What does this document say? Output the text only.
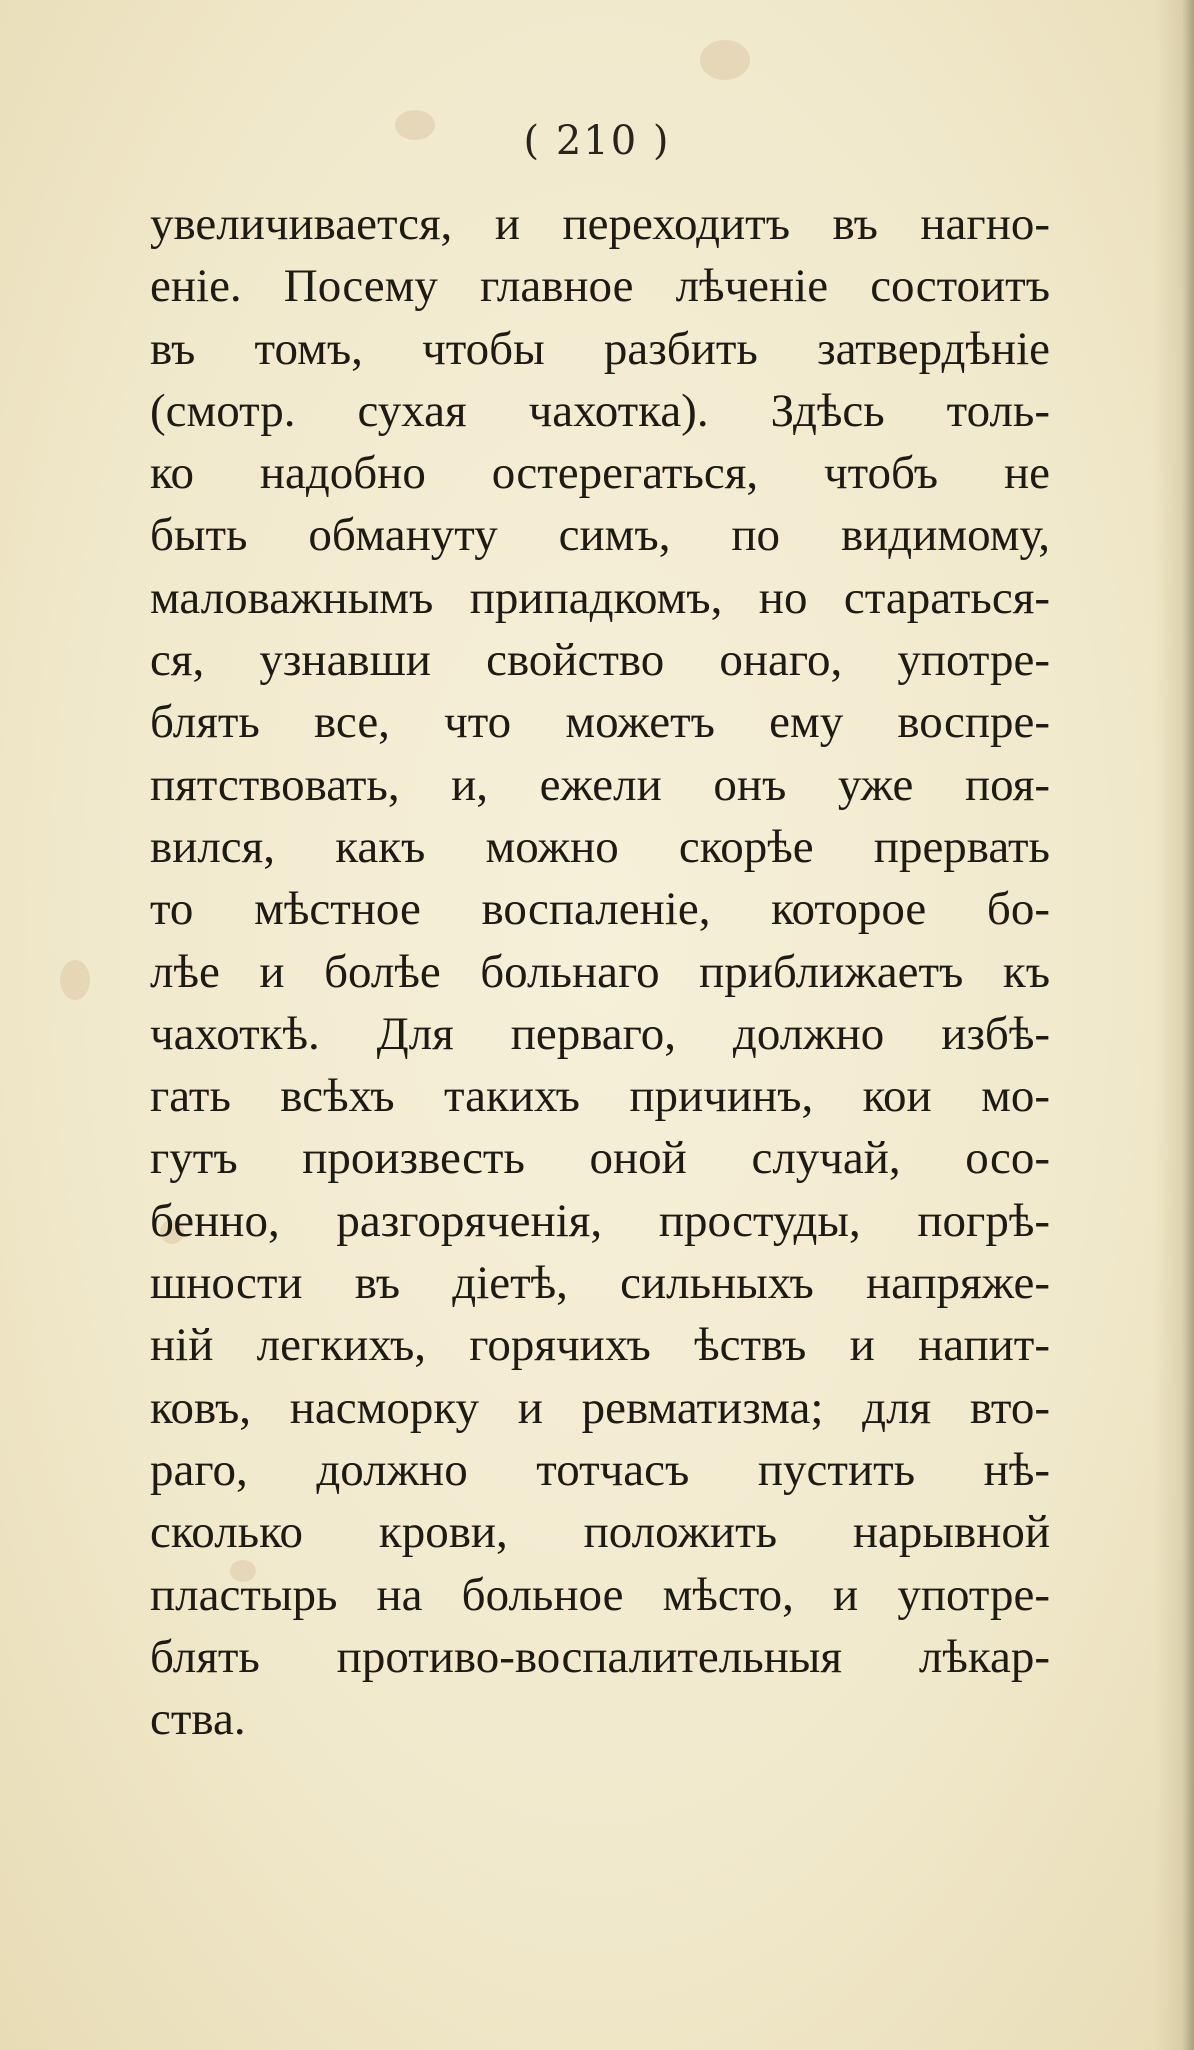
( 210 )
увеличивается, и переходитъ въ нагно-
еніе. Посему главное лѣченіе состоитъ
въ томъ, чтобы разбить затвердѣніе
(смотр. сухая чахотка). Здѣсь толь-
ко надобно остерегаться, чтобъ не
быть обмануту симъ, по видимому,
маловажнымъ припадкомъ, но стараться-
ся, узнавши свойство онаго, употре-
блять все, что можетъ ему воспре-
пятствовать, и, ежели онъ уже поя-
вился, какъ можно скорѣе прервать
то мѣстное воспаленіе, которое бо-
лѣе и болѣе больнаго приближаетъ къ
чахоткѣ. Для перваго, должно избѣ-
гать всѣхъ такихъ причинъ, кои мо-
гутъ произвесть оной случай, осо-
бенно, разгоряченія, простуды, погрѣ-
шности въ діетѣ, сильныхъ напряже-
ній легкихъ, горячихъ ѣствъ и напит-
ковъ, насморку и ревматизма; для вто-
раго, должно тотчасъ пустить нѣ-
сколько крови, положить нарывной
пластырь на больное мѣсто, и употре-
блять противо-воспалительныя лѣкар-
ства.
